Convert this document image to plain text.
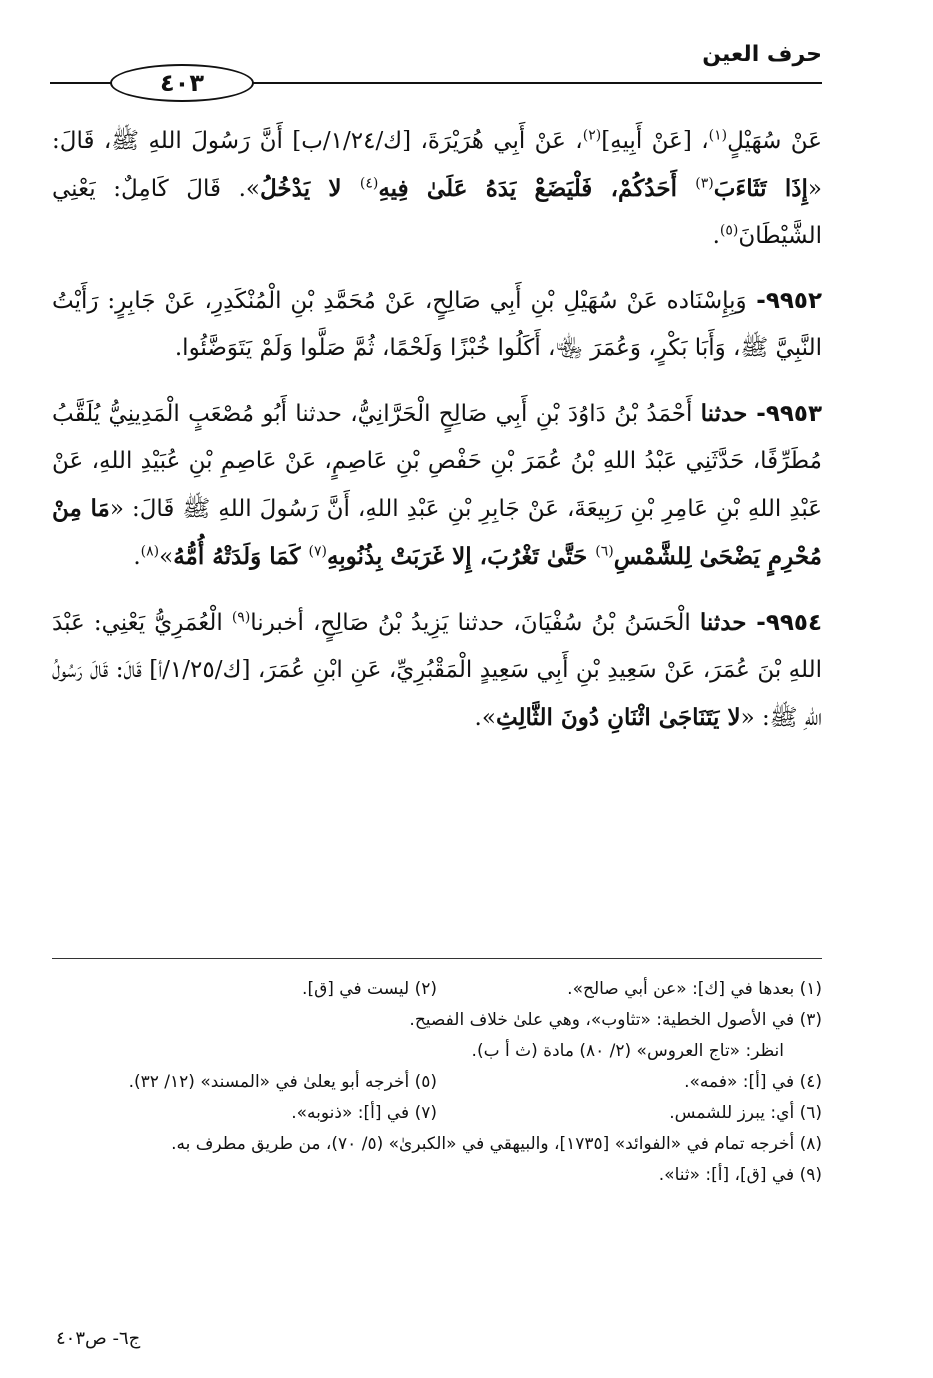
حرف العين
٤٠٣

عَنْ سُهَيْلٍ$^{(١)}$، [عَنْ أَبِيهِ]$^{(٢)}$، عَنْ أَبِي هُرَيْرَةَ، [ك/١/٢٤/ب] أَنَّ رَسُولَ اللهِ ﷺ، قَالَ: «إِذَا تَثَاءَبَ$^{(٣)}$ أَحَدُكُمْ، فَلْيَضَعْ يَدَهُ عَلَىٰ فِيهِ$^{(٤)}$ لا يَدْخُلُ». قَالَ كَامِلٌ: يَعْنِي الشَّيْطَانَ$^{(٥)}$.

٩٩٥٢- وَبِإِسْنَاده عَنْ سُهَيْلِ بْنِ أَبِي صَالِحٍ، عَنْ مُحَمَّدِ بْنِ الْمُنْكَدِرِ، عَنْ جَابِرٍ: رَأَيْتُ النَّبِيَّ ﷺ، وَأَبَا بَكْرٍ، وَعُمَرَ ﵄، أَكَلُوا خُبْزًا وَلَحْمًا، ثُمَّ صَلَّوا وَلَمْ يَتَوَضَّئُوا.

٩٩٥٣- حدثنا أَحْمَدُ بْنُ دَاوُدَ بْنِ أَبِي صَالِحٍ الْحَرَّانِيُّ، حدثنا أَبُو مُصْعَبٍ الْمَدِينِيُّ يُلَقَّبُ مُطَرِّفًا، حَدَّثَنِي عَبْدُ اللهِ بْنُ عُمَرَ بْنِ حَفْصِ بْنِ عَاصِمٍ، عَنْ عَاصِمِ بْنِ عُبَيْدِ اللهِ، عَنْ عَبْدِ اللهِ بْنِ عَامِرِ بْنِ رَبِيعَةَ، عَنْ جَابِرِ بْنِ عَبْدِ اللهِ، أَنَّ رَسُولَ اللهِ ﷺ قَالَ: «مَا مِنْ مُحْرِمٍ يَضْحَىٰ لِلشَّمْسِ$^{(٦)}$ حَتَّىٰ تَغْرُبَ، إِلا غَرَبَتْ بِذُنُوبِهِ$^{(٧)}$ كَمَا وَلَدَتْهُ أُمُّهُ»$^{(٨)}$.

٩٩٥٤- حدثنا الْحَسَنُ بْنُ سُفْيَانَ، حدثنا يَزِيدُ بْنُ صَالِحٍ، أخبرنا$^{(٩)}$ الْعُمَرِيُّ يَعْنِي: عَبْدَ اللهِ بْنَ عُمَرَ، عَنْ سَعِيدِ بْنِ أَبِي سَعِيدٍ الْمَقْبُرِيِّ، عَنِ ابْنِ عُمَرَ، [ك/١/٢٥/أ] قَالَ: قَالَ رَسُولُ اللهِ ﷺ: «لا يَتَنَاجَىٰ اثْنَانِ دُونَ الثَّالِثِ».

(١) بعدها في [ك]: «عن أبي صالح».
(٢) ليست في [ق].
(٣) في الأصول الخطية: «تثاوب»، وهي علىٰ خلاف الفصيح.
انظر: «تاج العروس» (٢/ ٨٠) مادة (ث أ ب).
(٤) في [أ]: «فمه».
(٥) أخرجه أبو يعلىٰ في «المسند» (١٢/ ٣٢).
(٦) أي: يبرز للشمس.
(٧) في [أ]: «ذنوبه».
(٨) أخرجه تمام في «الفوائد» [١٧٣٥]، والبيهقي في «الكبرىٰ» (٥/ ٧٠)، من طريق مطرف به.
(٩) في [ق]، [أ]: «ثنا».
ج٦- ص٤٠٣
